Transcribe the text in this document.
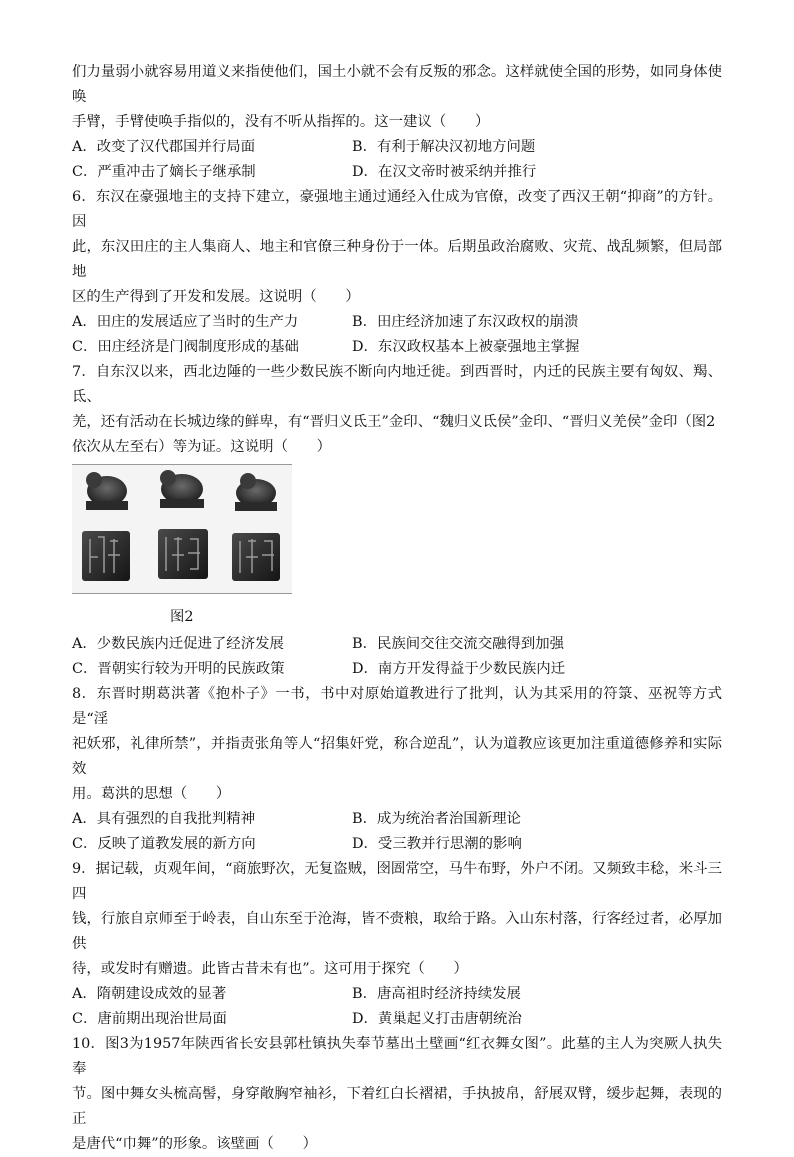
们力量弱小就容易用道义来指使他们，国土小就不会有反叛的邪念。这样就使全国的形势，如同身体使唤

手臂，手臂使唤手指似的，没有不听从指挥的。这一建议（　　）

A．改变了汉代郡国并行局面	B．有利于解决汉初地方问题
C．严重冲击了嫡长子继承制	D．在汉文帝时被采纳并推行

6．东汉在豪强地主的支持下建立，豪强地主通过通经入仕成为官僚，改变了西汉王朝“抑商”的方针。因

此，东汉田庄的主人集商人、地主和官僚三种身份于一体。后期虽政治腐败、灾荒、战乱频繁，但局部地

区的生产得到了开发和发展。这说明（　　）

A．田庄的发展适应了当时的生产力	B．田庄经济加速了东汉政权的崩溃
C．田庄经济是门阀制度形成的基础	D．东汉政权基本上被豪强地主掌握

7．自东汉以来，西北边陲的一些少数民族不断向内地迁徙。到西晋时，内迁的民族主要有匈奴、羯、氐、

羌，还有活动在长城边缘的鲜卑，有“晋归义氐王”金印、“魏归义氐侯”金印、“晋归义羌侯”金印（图2

依次从左至右）等为证。这说明（　　）

图2
A．少数民族内迁促进了经济发展	B．民族间交往交流交融得到加强
C．晋朝实行较为开明的民族政策	D．南方开发得益于少数民族内迁

8．东晋时期葛洪著《抱朴子》一书，书中对原始道教进行了批判，认为其采用的符箓、巫祝等方式是“淫

祀妖邪，礼律所禁”，并指责张角等人“招集奸党，称合逆乱”，认为道教应该更加注重道德修养和实际效

用。葛洪的思想（　　）

A．具有强烈的自我批判精神	B．成为统治者治国新理论
C．反映了道教发展的新方向	D．受三教并行思潮的影响

9．据记载，贞观年间，“商旅野次，无复盗贼，囹圄常空，马牛布野，外户不闭。又频致丰稔，米斗三四

钱，行旅自京师至于岭表，自山东至于沧海，皆不赍粮，取给于路。入山东村落，行客经过者，必厚加供

待，或发时有赠遗。此皆古昔未有也”。这可用于探究（　　）

A．隋朝建设成效的显著	B．唐高祖时经济持续发展
C．唐前期出现治世局面	D．黄巢起义打击唐朝统治

10．图3为1957年陕西省长安县郭杜镇执失奉节墓出土壁画“红衣舞女图”。此墓的主人为突厥人执失奉

节。图中舞女头梳高髻，身穿敞胸窄袖衫，下着红白长褶裙，手执披帛，舒展双臂，缓步起舞，表现的正

是唐代“巾舞”的形象。该壁画（　　）
